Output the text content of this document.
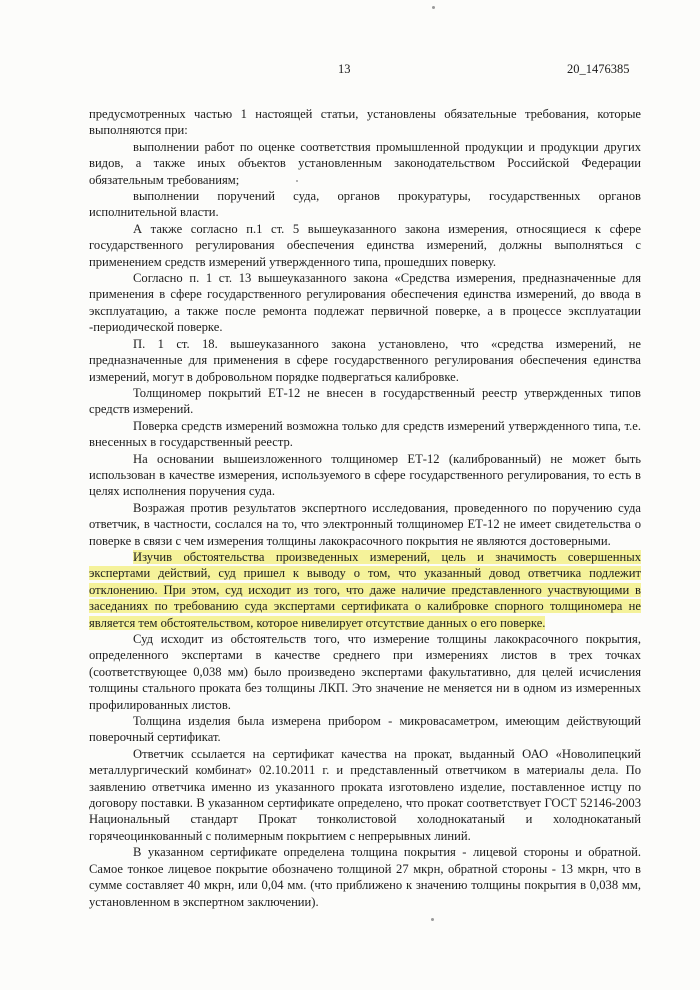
13	20_1476385

предусмотренных частью 1 настоящей статьи, установлены обязательные требования, которые выполняются при:

выполнении работ по оценке соответствия промышленной продукции и продукции других видов, а также иных объектов установленным законодательством Российской Федерации обязательным требованиям;

выполнении поручений суда, органов прокуратуры, государственных органов исполнительной власти.

А также согласно п.1 ст. 5 вышеуказанного закона измерения, относящиеся к сфере государственного регулирования обеспечения единства измерений, должны выполняться с применением средств измерений утвержденного типа, прошедших поверку.

Согласно п. 1 ст. 13 вышеуказанного закона «Средства измерения, предназначенные для применения в сфере государственного регулирования обеспечения единства измерений, до ввода в эксплуатацию, а также после ремонта подлежат первичной поверке, а в процессе эксплуатации -периодической поверке.

П. 1 ст. 18. вышеуказанного закона установлено, что «средства измерений, не предназначенные для применения в сфере государственного регулирования обеспечения единства измерений, могут в добровольном порядке подвергаться калибровке.

Толщиномер покрытий ЕТ-12 не внесен в государственный реестр утвержденных типов средств измерений.

Поверка средств измерений возможна только для средств измерений утвержденного типа, т.е. внесенных в государственный реестр.

На основании вышеизложенного толщиномер ЕТ-12 (калиброванный) не может быть использован в качестве измерения, используемого в сфере государственного регулирования, то есть в целях исполнения поручения суда.

Возражая против результатов экспертного исследования, проведенного по поручению суда ответчик, в частности, сослался на то, что электронный толщиномер ЕТ-12 не имеет свидетельства о поверке в связи с чем измерения толщины лакокрасочного покрытия не являются достоверными.

Изучив обстоятельства произведенных измерений, цель и значимость совершенных экспертами действий, суд пришел к выводу о том, что указанный довод ответчика подлежит отклонению. При этом, суд исходит из того, что даже наличие представленного участвующими в заседаниях по требованию суда экспертами сертификата о калибровке спорного толщиномера не является тем обстоятельством, которое нивелирует отсутствие данных о его поверке.

Суд исходит из обстоятельств того, что измерение толщины лакокрасочного покрытия, определенного экспертами в качестве среднего при измерениях листов в трех точках (соответствующее 0,038 мм) было произведено экспертами факультативно, для целей исчисления толщины стального проката без толщины ЛКП. Это значение не меняется ни в одном из измеренных профилированных листов.

Толщина изделия была измерена прибором - микровасаметром, имеющим действующий поверочный сертификат.

Ответчик ссылается на сертификат качества на прокат, выданный ОАО «Новолипецкий металлургический комбинат» 02.10.2011 г. и представленный ответчиком в материалы дела. По заявлению ответчика именно из указанного проката изготовлено изделие, поставленное истцу по договору поставки. В указанном сертификате определено, что прокат соответствует ГОСТ 52146-2003 Национальный стандарт Прокат тонколистовой холоднокатаный и холоднокатаный горячеоцинкованный с полимерным покрытием с непрерывных линий.

В указанном сертификате определена толщина покрытия - лицевой стороны и обратной. Самое тонкое лицевое покрытие обозначено толщиной 27 мкрн, обратной стороны - 13 мкрн, что в сумме составляет 40 мкрн, или 0,04 мм. (что приближено к значению толщины покрытия в 0,038 мм, установленном в экспертном заключении).
